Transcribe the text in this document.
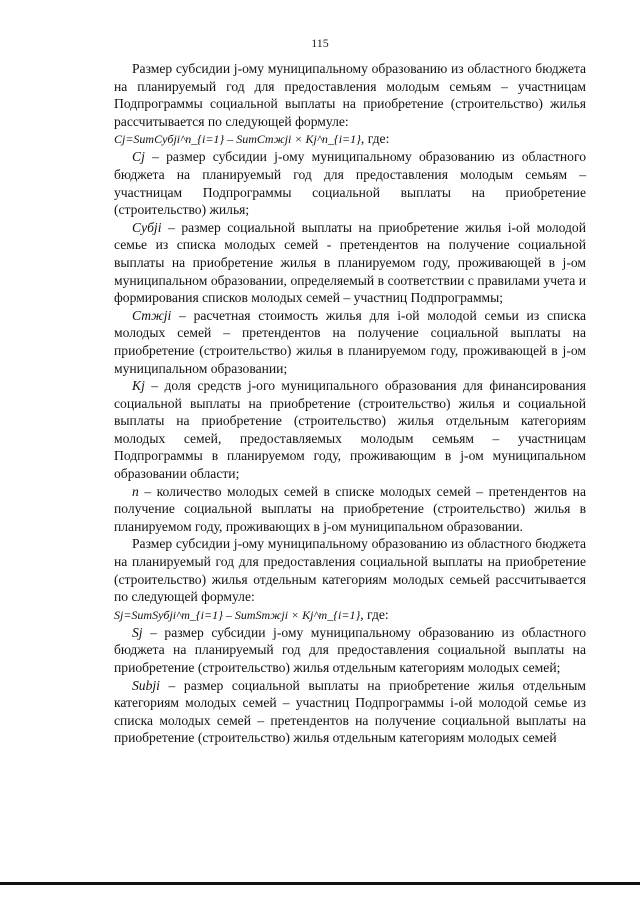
115

Размер субсидии j-ому муниципальному образованию из областного бюджета на планируемый год для предоставления молодым семьям – участницам Подпрограммы социальной выплаты на приобретение (строительство) жилья рассчитывается по следующей формуле:

Cj=SumCyбji^n_{i=1} – SumCтжji × Kj^n_{i=1}, где:

Cj – размер субсидии j-ому муниципальному образованию из областного бюджета на планируемый год для предоставления молодым семьям – участницам Подпрограммы социальной выплаты на приобретение (строительство) жилья;

Субji – размер социальной выплаты на приобретение жилья i-ой молодой семье из списка молодых семей - претендентов на получение социальной выплаты на приобретение жилья в планируемом году, проживающей в j-ом муниципальном образовании, определяемый в соответствии с правилами учета и формирования списков молодых семей – участниц Подпрограммы;

Стжji – расчетная стоимость жилья для i-ой молодой семьи из списка молодых семей – претендентов на получение социальной выплаты на приобретение (строительство) жилья в планируемом году, проживающей в j-ом муниципальном образовании;

Kj – доля средств j-ого муниципального образования для финансирования социальной выплаты на приобретение (строительство) жилья и социальной выплаты на приобретение (строительство) жилья отдельным категориям молодых семей, предоставляемых молодым семьям – участницам Подпрограммы в планируемом году, проживающим в j-ом муниципальном образовании области;

n – количество молодых семей в списке молодых семей – претендентов на получение социальной выплаты на приобретение (строительство) жилья в планируемом году, проживающих в j-ом муниципальном образовании.

Размер субсидии j-ому муниципальному образованию из областного бюджета на планируемый год для предоставления социальной выплаты на приобретение (строительство) жилья отдельным категориям молодых семьей рассчитывается по следующей формуле:

Sj=SumSyбji^m_{i=1} – SumSтжji × Kj^m_{i=1}, где:

Sj – размер субсидии j-ому муниципальному образованию из областного бюджета на планируемый год для предоставления социальной выплаты на приобретение (строительство) жилья отдельным категориям молодых семей;

Subji – размер социальной выплаты на приобретение жилья отдельным категориям молодых семей – участниц Подпрограммы i-ой молодой семье из списка молодых семей – претендентов на получение социальной выплаты на приобретение (строительство) жилья отдельным категориям молодых семей
